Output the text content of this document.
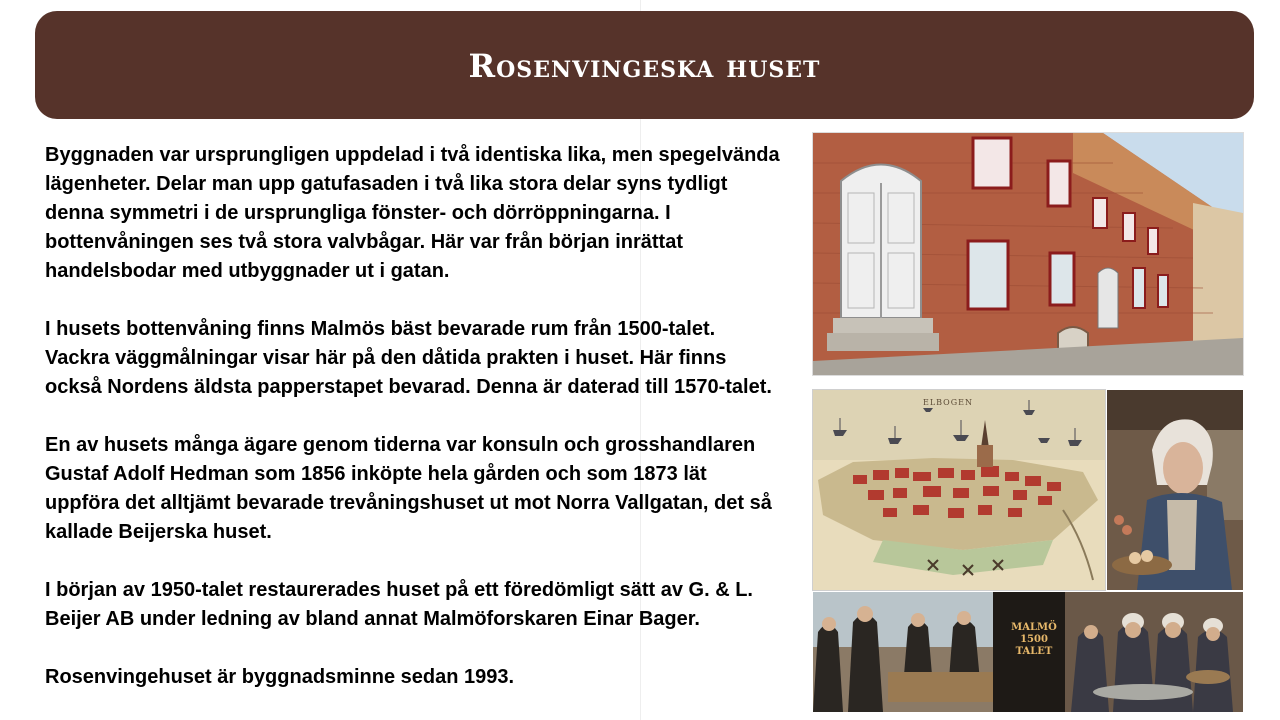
Rosenvingeska huset

Byggnaden var ursprungligen uppdelad i två identiska lika, men spegelvända lägenheter. Delar man upp gatufasaden i två lika stora delar syns tydligt denna symmetri i de ursprungliga fönster- och dörröppningarna. I bottenvåningen ses två stora valvbågar. Här var från början inrättat handelsbodar med utbyggnader ut i gatan.

I husets bottenvåning finns Malmös bäst bevarade rum från 1500-talet. Vackra väggmålningar visar här på den dåtida prakten i huset. Här finns också Nordens äldsta papperstapet bevarad. Denna är daterad till 1570-talet.

En av husets många ägare genom tiderna var konsuln och grosshandlaren Gustaf Adolf Hedman som 1856 inköpte hela gården och som 1873 lät uppföra det alltjämt bevarade trevåningshuset ut mot Norra Vallgatan, det så kallade Beijerska huset.

I början av 1950-talet restaurerades huset på ett föredömligt sätt av G. & L. Beijer AB under ledning av bland annat Malmöforskaren Einar Bager.

Rosenvingehuset är byggnadsminne sedan 1993.

ELBOGEN
MALMÖ
1500
TALET
